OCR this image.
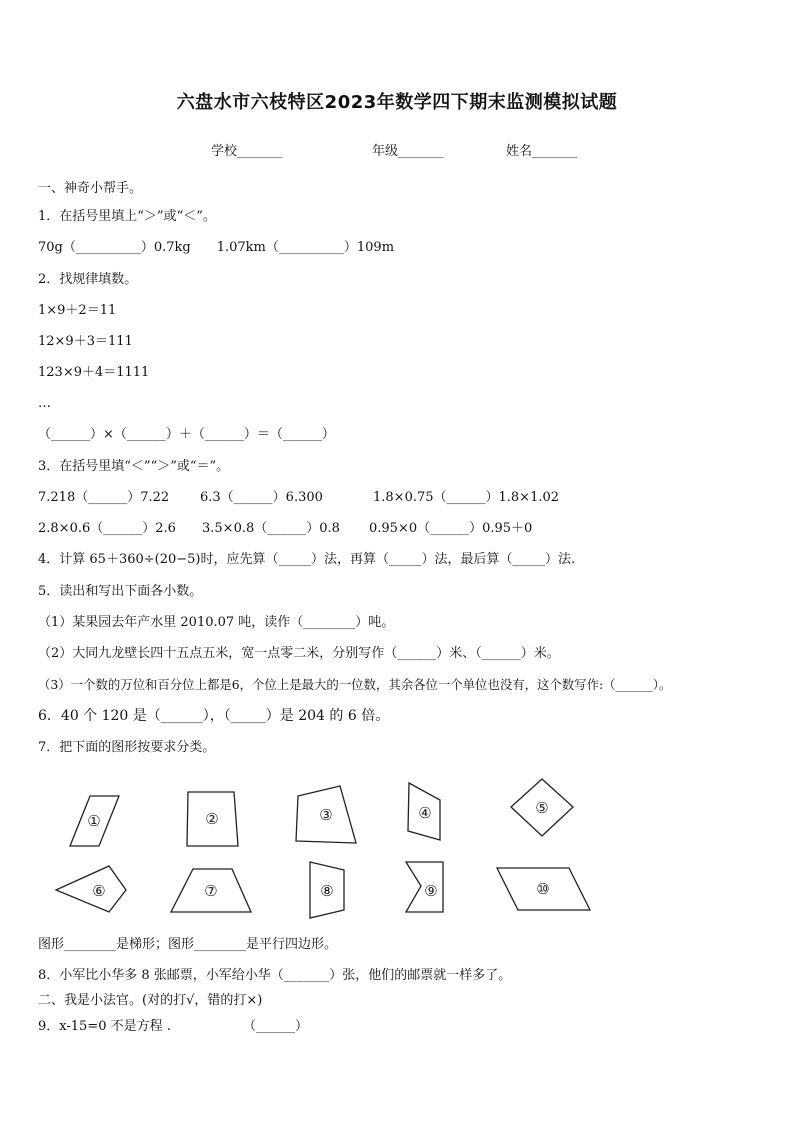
六盘水市六枝特区2023年数学四下期末监测模拟试题
学校_______	年级_______	姓名_______
一、神奇小帮手。
1．在括号里填上“＞”或“＜”。
70g（__________）0.7kg　　1.07km（__________）109m
2．找规律填数。
1×9＋2＝11
12×9＋3＝111
123×9＋4＝1111
…
（______）×（______）＋（______）＝（______）
3．在括号里填“＜”“＞”或“＝”。
7.218（______）7.22 6.3（______）6.300	1.8×0.75（______）1.8×1.02
2.8×0.6（______）2.6 3.5×0.8（______）0.8 0.95×0（______）0.95＋0
4．计算 65＋360÷(20−5)时，应先算（_____）法，再算（_____）法，最后算（_____）法.
5．读出和写出下面各小数。
（1）某果园去年产水里 2010.07 吨，读作（________）吨。
（2）大同九龙壁长四十五点五米，宽一点零二米，分别写作（______）米、（______）米。
（3）一个数的万位和百分位上都是6，个位上是最大的一位数，其余各位一个单位也没有，这个数写作:（______）。
6．40 个 120 是（______），（_____）是 204 的 6 倍。
7．把下面的图形按要求分类。
①	②	③	④	⑤
⑥	⑦	⑧	⑨	⑩
图形________是梯形；图形________是平行四边形。
8．小军比小华多 8 张邮票，小军给小华（_______）张，他们的邮票就一样多了。
二、我是小法官。(对的打√，错的打×)
9．x-15=0 不是方程 .	（______）
